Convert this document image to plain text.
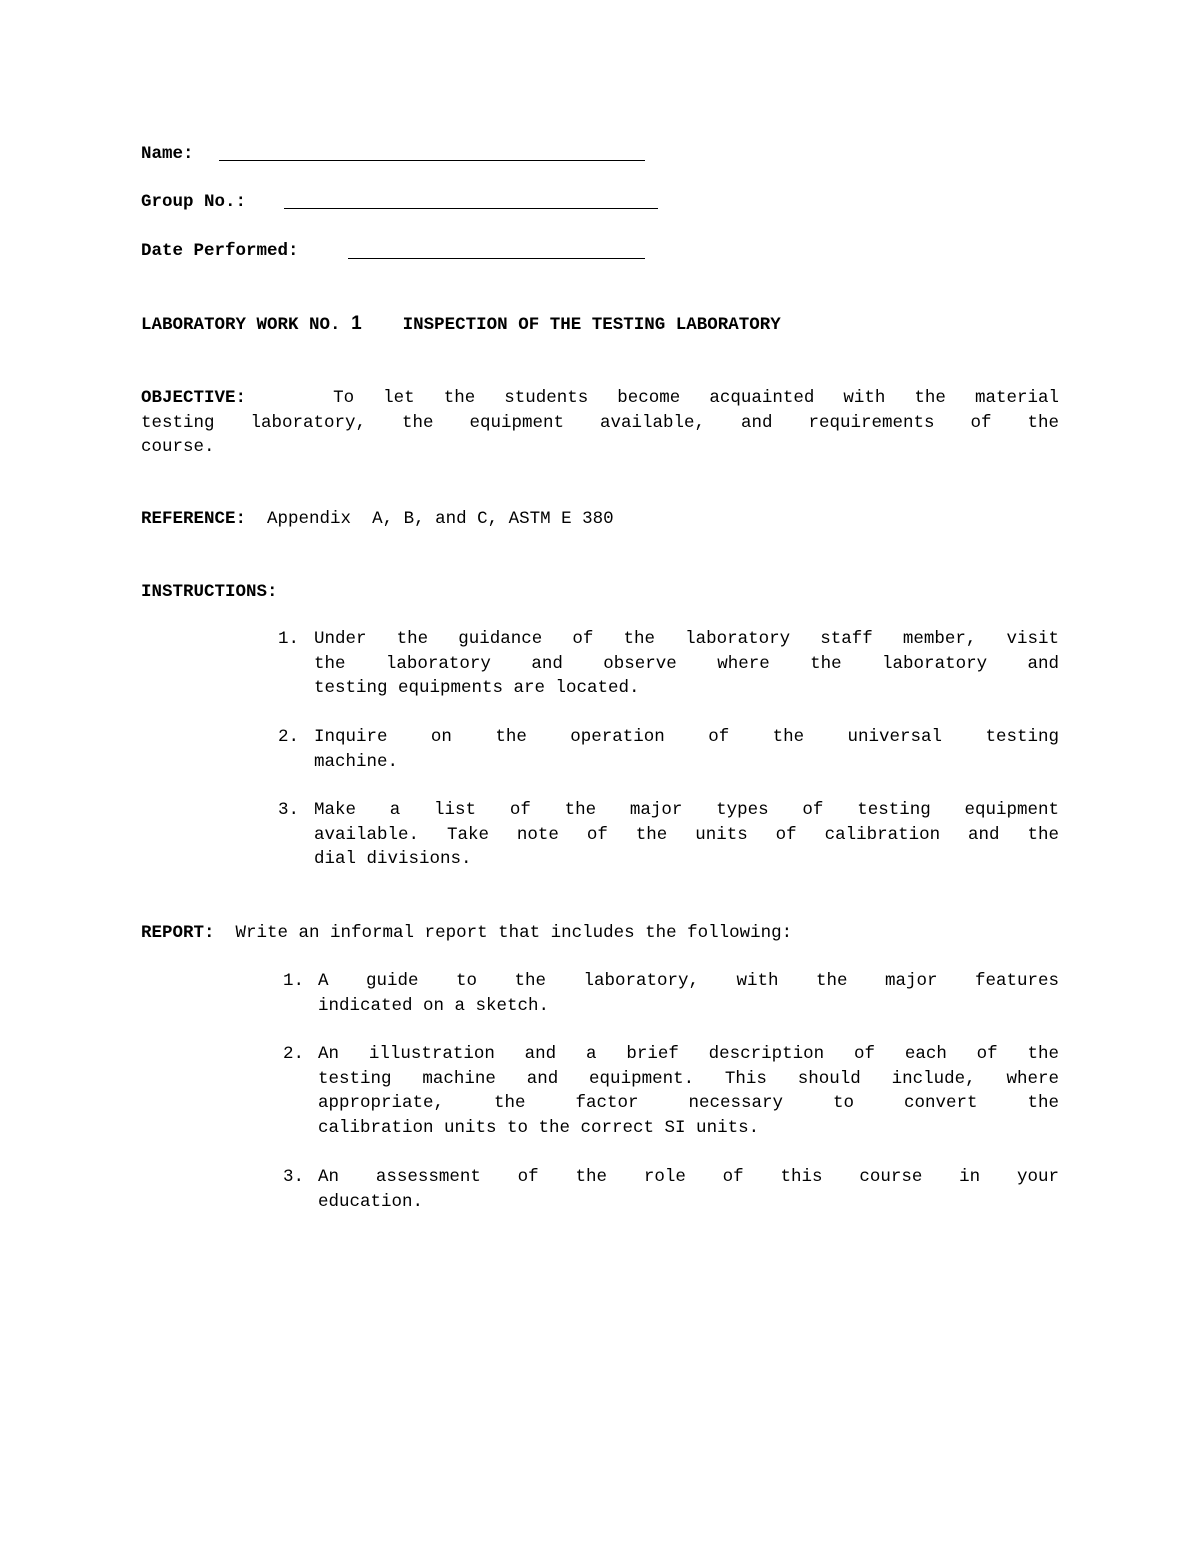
Name:
Group No.:
Date Performed:
LABORATORY WORK NO. 1 INSPECTION OF THE TESTING LABORATORY
OBJECTIVE:	To let the students become acquainted with the material
testing laboratory, the equipment available, and requirements of the
course.
REFERENCE: Appendix  A, B, and C, ASTM E 380
INSTRUCTIONS:
1. Under the guidance of the laboratory staff member, visit
the laboratory and observe where the laboratory and
testing equipments are located.
2. Inquire on the operation of the universal testing
machine.
3. Make a list of the major types of testing equipment
available. Take note of the units of calibration and the
dial divisions.
REPORT: Write an informal report that includes the following:
1. A guide to the laboratory, with the major features
indicated on a sketch.
2. An illustration and a brief description of each of the
testing machine and equipment. This should include, where
appropriate, the factor necessary to convert the
calibration units to the correct SI units.
3. An assessment of the role of this course in your
education.
